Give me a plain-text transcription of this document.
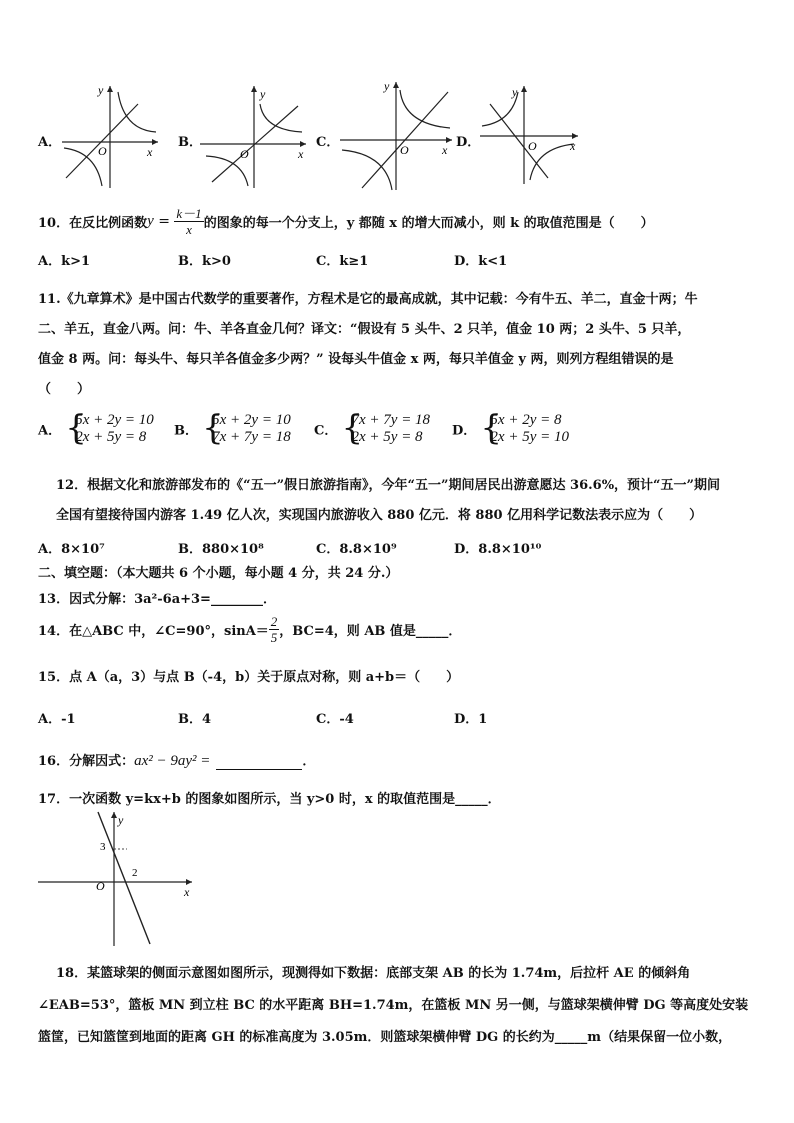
A．
O	x
y
B．
O	x
y
C．	O
y
x D．	O
y
x
10．在反比例函数$y = \frac{k-1}{x}$ 的图象的每一个分支上，y 都随 x 的增大而减小，则 k 的取值范围是（　　）
A．k>1	B．k>0	C．k≥1	D．k<1
11.《九章算术》是中国古代数学的重要著作，方程术是它的最高成就，其中记载：今有牛五、羊二，直金十两；牛
二、羊五，直金八两。问：牛、羊各直金几何？译文：“假设有 5 头牛、2 只羊，值金 10 两；2 头牛、5 只羊，
值金 8 两。问：每头牛、每只羊各值金多少两？” 设每头牛值金 x 两，每只羊值金 y 两，则列方程组错误的是
（　　）
A． {
5x + 2y = 10
2x + 5y = 8	B． {
5x + 2y = 10
7x + 7y = 18 C． {
7x + 7y = 18
2x + 5y = 8	D． {
5x + 2y = 8
2x + 5y = 10
12．根据文化和旅游部发布的《“五一”假日旅游指南》，今年“五一”期间居民出游意愿达 36.6%，预计“五一”期间
全国有望接待国内游客 1.49 亿人次，实现国内旅游收入 880 亿元．将 880 亿用科学记数法表示应为（　　）
A．8×10⁷	B．880×10⁸	C．8.8×10⁹	D．8.8×10¹⁰
二、填空题：（本大题共 6 个小题，每小题 4 分，共 24 分.）
13．因式分解：3a²-6a+3=________．
14．在△ABC 中，∠C=90°，$\sin A= \frac{2}{5}$ ，BC=4，则 AB 值是_____．
15．点 A（a，3）与点 B（-4，b）关于原点对称，则 a+b＝（　　）
A．-1	B．4	C．-4	D．1
16．分解因式：ax² − 9ay² =	．
17．一次函数 y=kx+b 的图象如图所示，当 y>0 时，x 的取值范围是_____．
O	x
y
3
2
18．某篮球架的侧面示意图如图所示，现测得如下数据：底部支架 AB 的长为 1.74m，后拉杆 AE 的倾斜角
∠EAB=53°，篮板 MN 到立柱 BC 的水平距离 BH=1.74m，在篮板 MN 另一侧，与篮球架横伸臂 DG 等高度处安装
篮筐，已知篮筐到地面的距离 GH 的标准高度为 3.05m．则篮球架横伸臂 DG 的长约为_____m（结果保留一位小数，
